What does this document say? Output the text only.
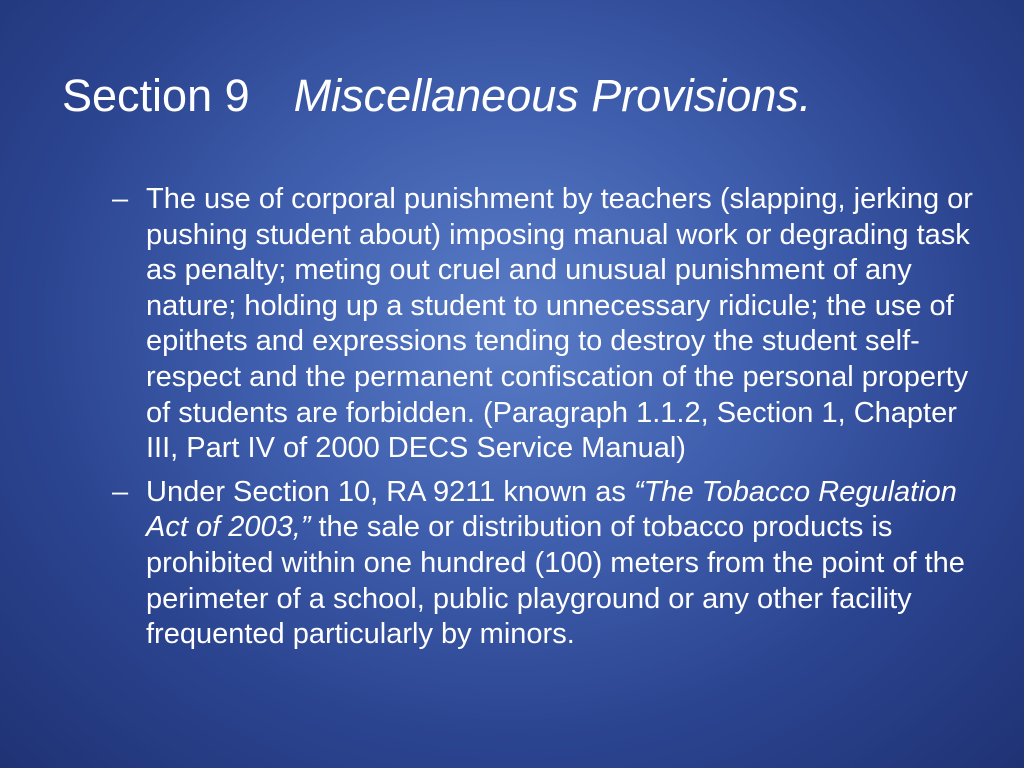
Section 9 Miscellaneous Provisions.
– The use of corporal punishment by teachers (slapping, jerking or pushing student about) imposing manual work or degrading task as penalty; meting out cruel and unusual punishment of any nature; holding up a student to unnecessary ridicule; the use of epithets and expressions tending to destroy the student self-respect and the permanent confiscation of the personal property of students are forbidden. (Paragraph 1.1.2, Section 1, Chapter III, Part IV of 2000 DECS Service Manual)
– Under Section 10, RA 9211 known as “The Tobacco Regulation Act of 2003,” the sale or distribution of tobacco products is prohibited within one hundred (100) meters from the point of the perimeter of a school, public playground or any other facility frequented particularly by minors.
